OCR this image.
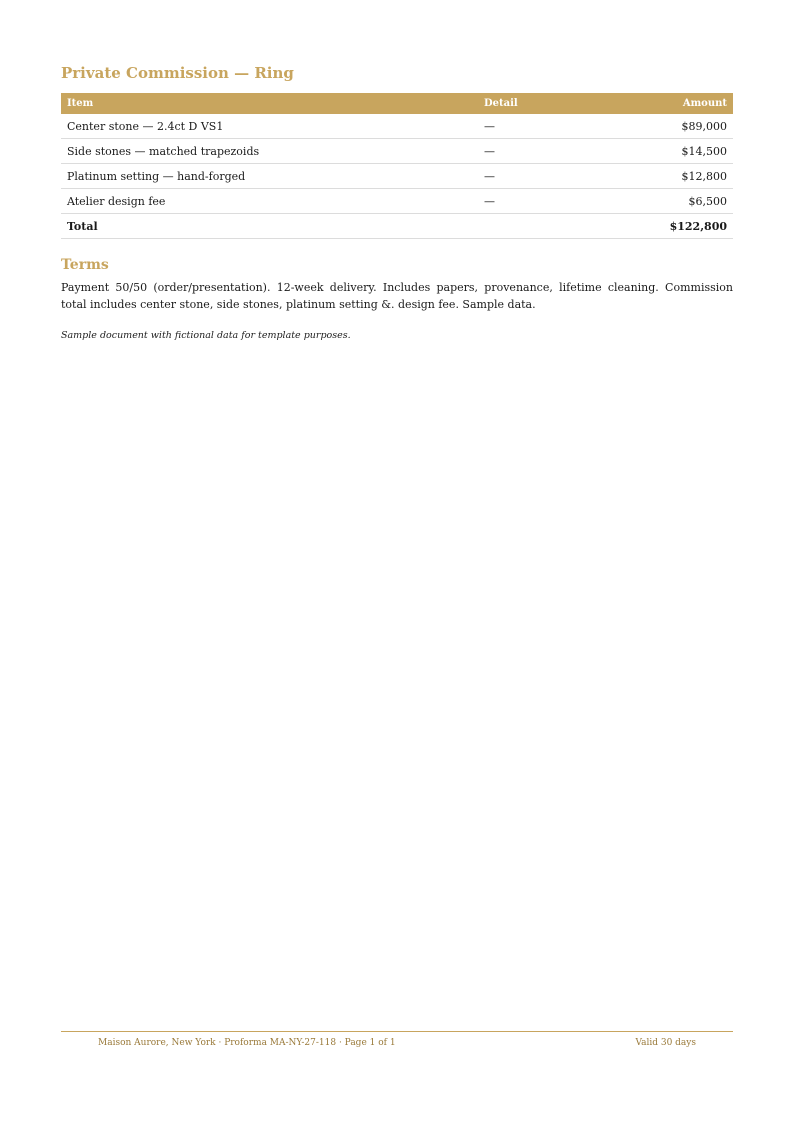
Private Commission — Ring
Item	Detail	Amount
Center stone — 2.4ct D VS1	—	$89,000
Side stones — matched trapezoids	—	$14,500
Platinum setting — hand-forged	—	$12,800
Atelier design fee	—	$6,500
Total		$122,800
Terms

Payment 50/50 (order/presentation). 12-week delivery. Includes papers, provenance, lifetime cleaning. Commission total includes center stone, side stones, platinum setting &. design fee. Sample data.

Sample document with fictional data for template purposes.

Maison Aurore, New York · Proforma MA-NY-27-118 · Page 1 of 1	Valid 30 days
